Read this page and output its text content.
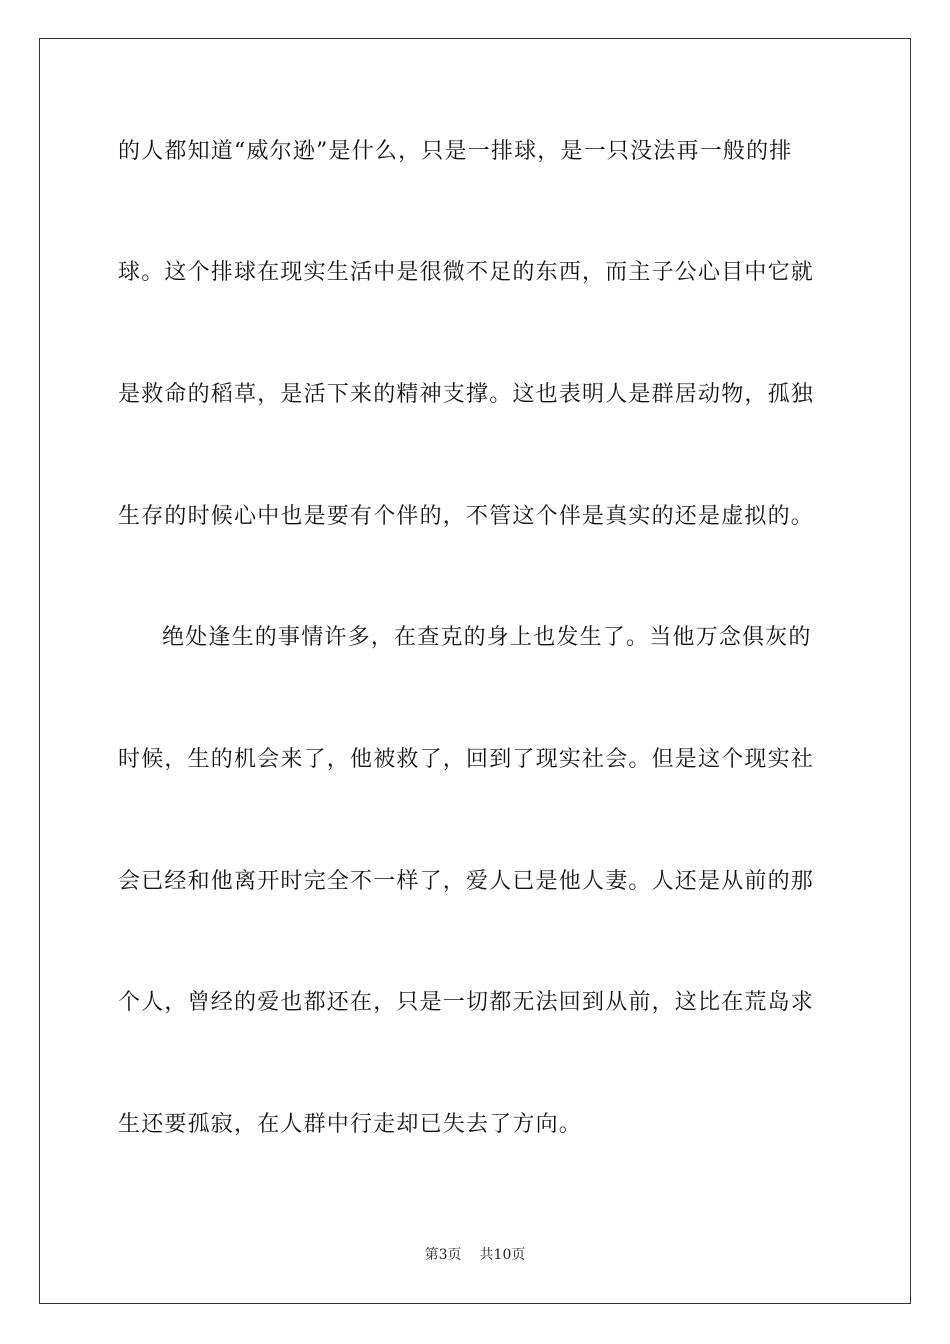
的人都知道“威尔逊”是什么，只是一排球，是一只没法再一般的排
球。这个排球在现实生活中是很微不足的东西，而主子公心目中它就
是救命的稻草，是活下来的精神支撑。这也表明人是群居动物，孤独
生存的时候心中也是要有个伴的，不管这个伴是真实的还是虚拟的。
绝处逢生的事情许多，在查克的身上也发生了。当他万念俱灰的
时候，生的机会来了，他被救了，回到了现实社会。但是这个现实社
会已经和他离开时完全不一样了，爱人已是他人妻。人还是从前的那
个人，曾经的爱也都还在，只是一切都无法回到从前，这比在荒岛求
生还要孤寂，在人群中行走却已失去了方向。
第3页 共10页
